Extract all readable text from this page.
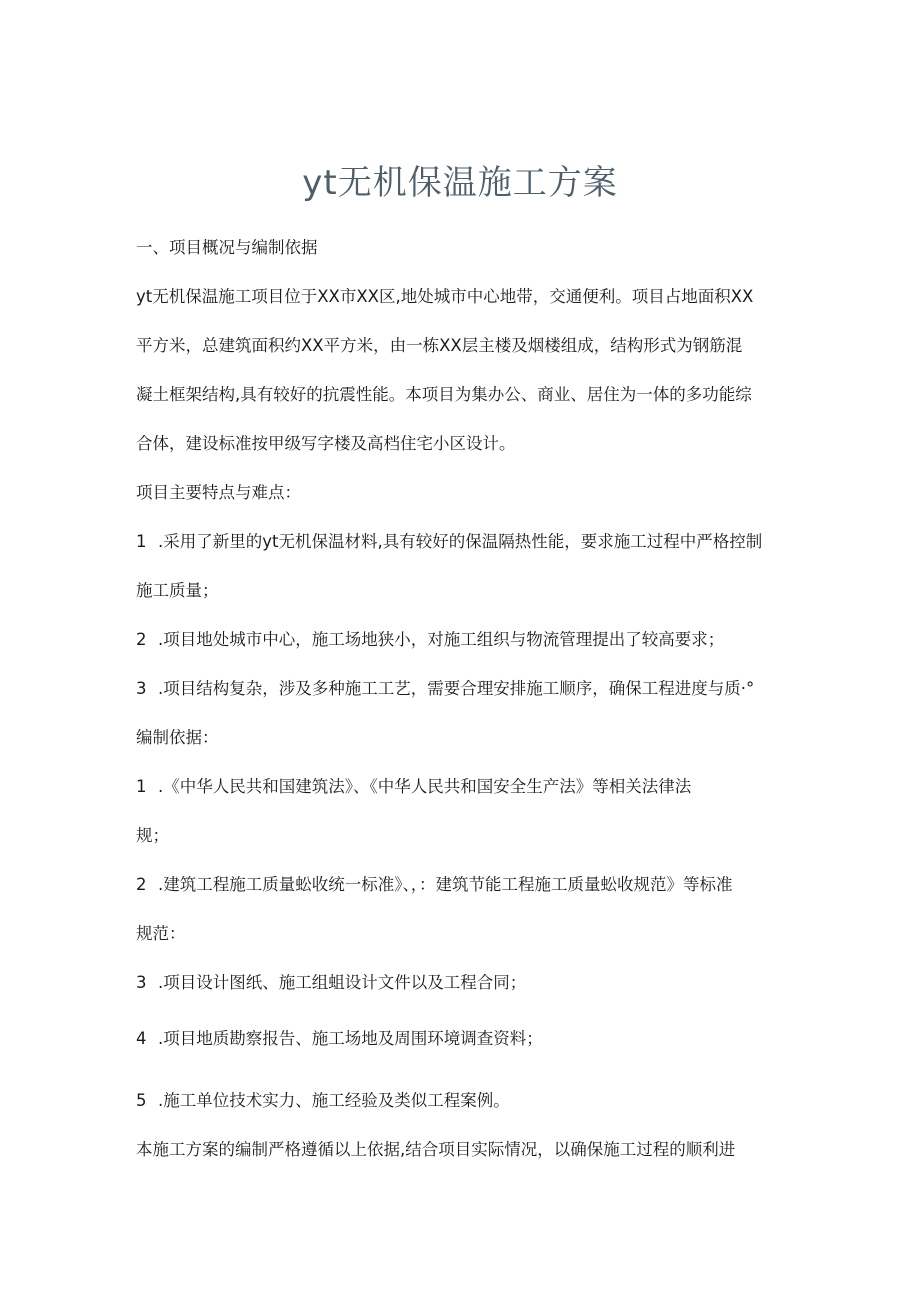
yt无机保温施工方案
一、项目概况与编制依据
yt无机保温施工项目位于XX市XX区,地处城市中心地带，交通便利。项目占地面积XX
平方米，总建筑面积约XX平方米，由一栋XX层主楼及烟楼组成，结构形式为钢筋混
凝土框架结构,具有较好的抗震性能。本项目为集办公、商业、居住为一体的多功能综
合体，建设标准按甲级写字楼及高档住宅小区设计。
项目主要特点与难点：
1 .采用了新里的yt无机保温材料,具有较好的保温隔热性能，要求施工过程中严格控制
施工质量；
2 .项目地处城市中心，施工场地狭小，对施工组织与物流管理提出了较高要求；
3 .项目结构复杂，涉及多种施工工艺，需要合理安排施工顺序，确保工程进度与质·°
编制依据：
1 .《中华人民共和国建筑法》、《中华人民共和国安全生产法》等相关法律法
规；
2 .建筑工程施工质量蚣收统一标准》、，：建筑节能工程施工质量蚣收规范》等标准
规范：
3 .项目设计图纸、施工组蛆设计文件以及工程合同；
4 .项目地质勘察报告、施工场地及周围环境调查资料；
5 .施工单位技术实力、施工经验及类似工程案例。
本施工方案的编制严格遵循以上依据,结合项目实际情况，以确保施工过程的顺利进
